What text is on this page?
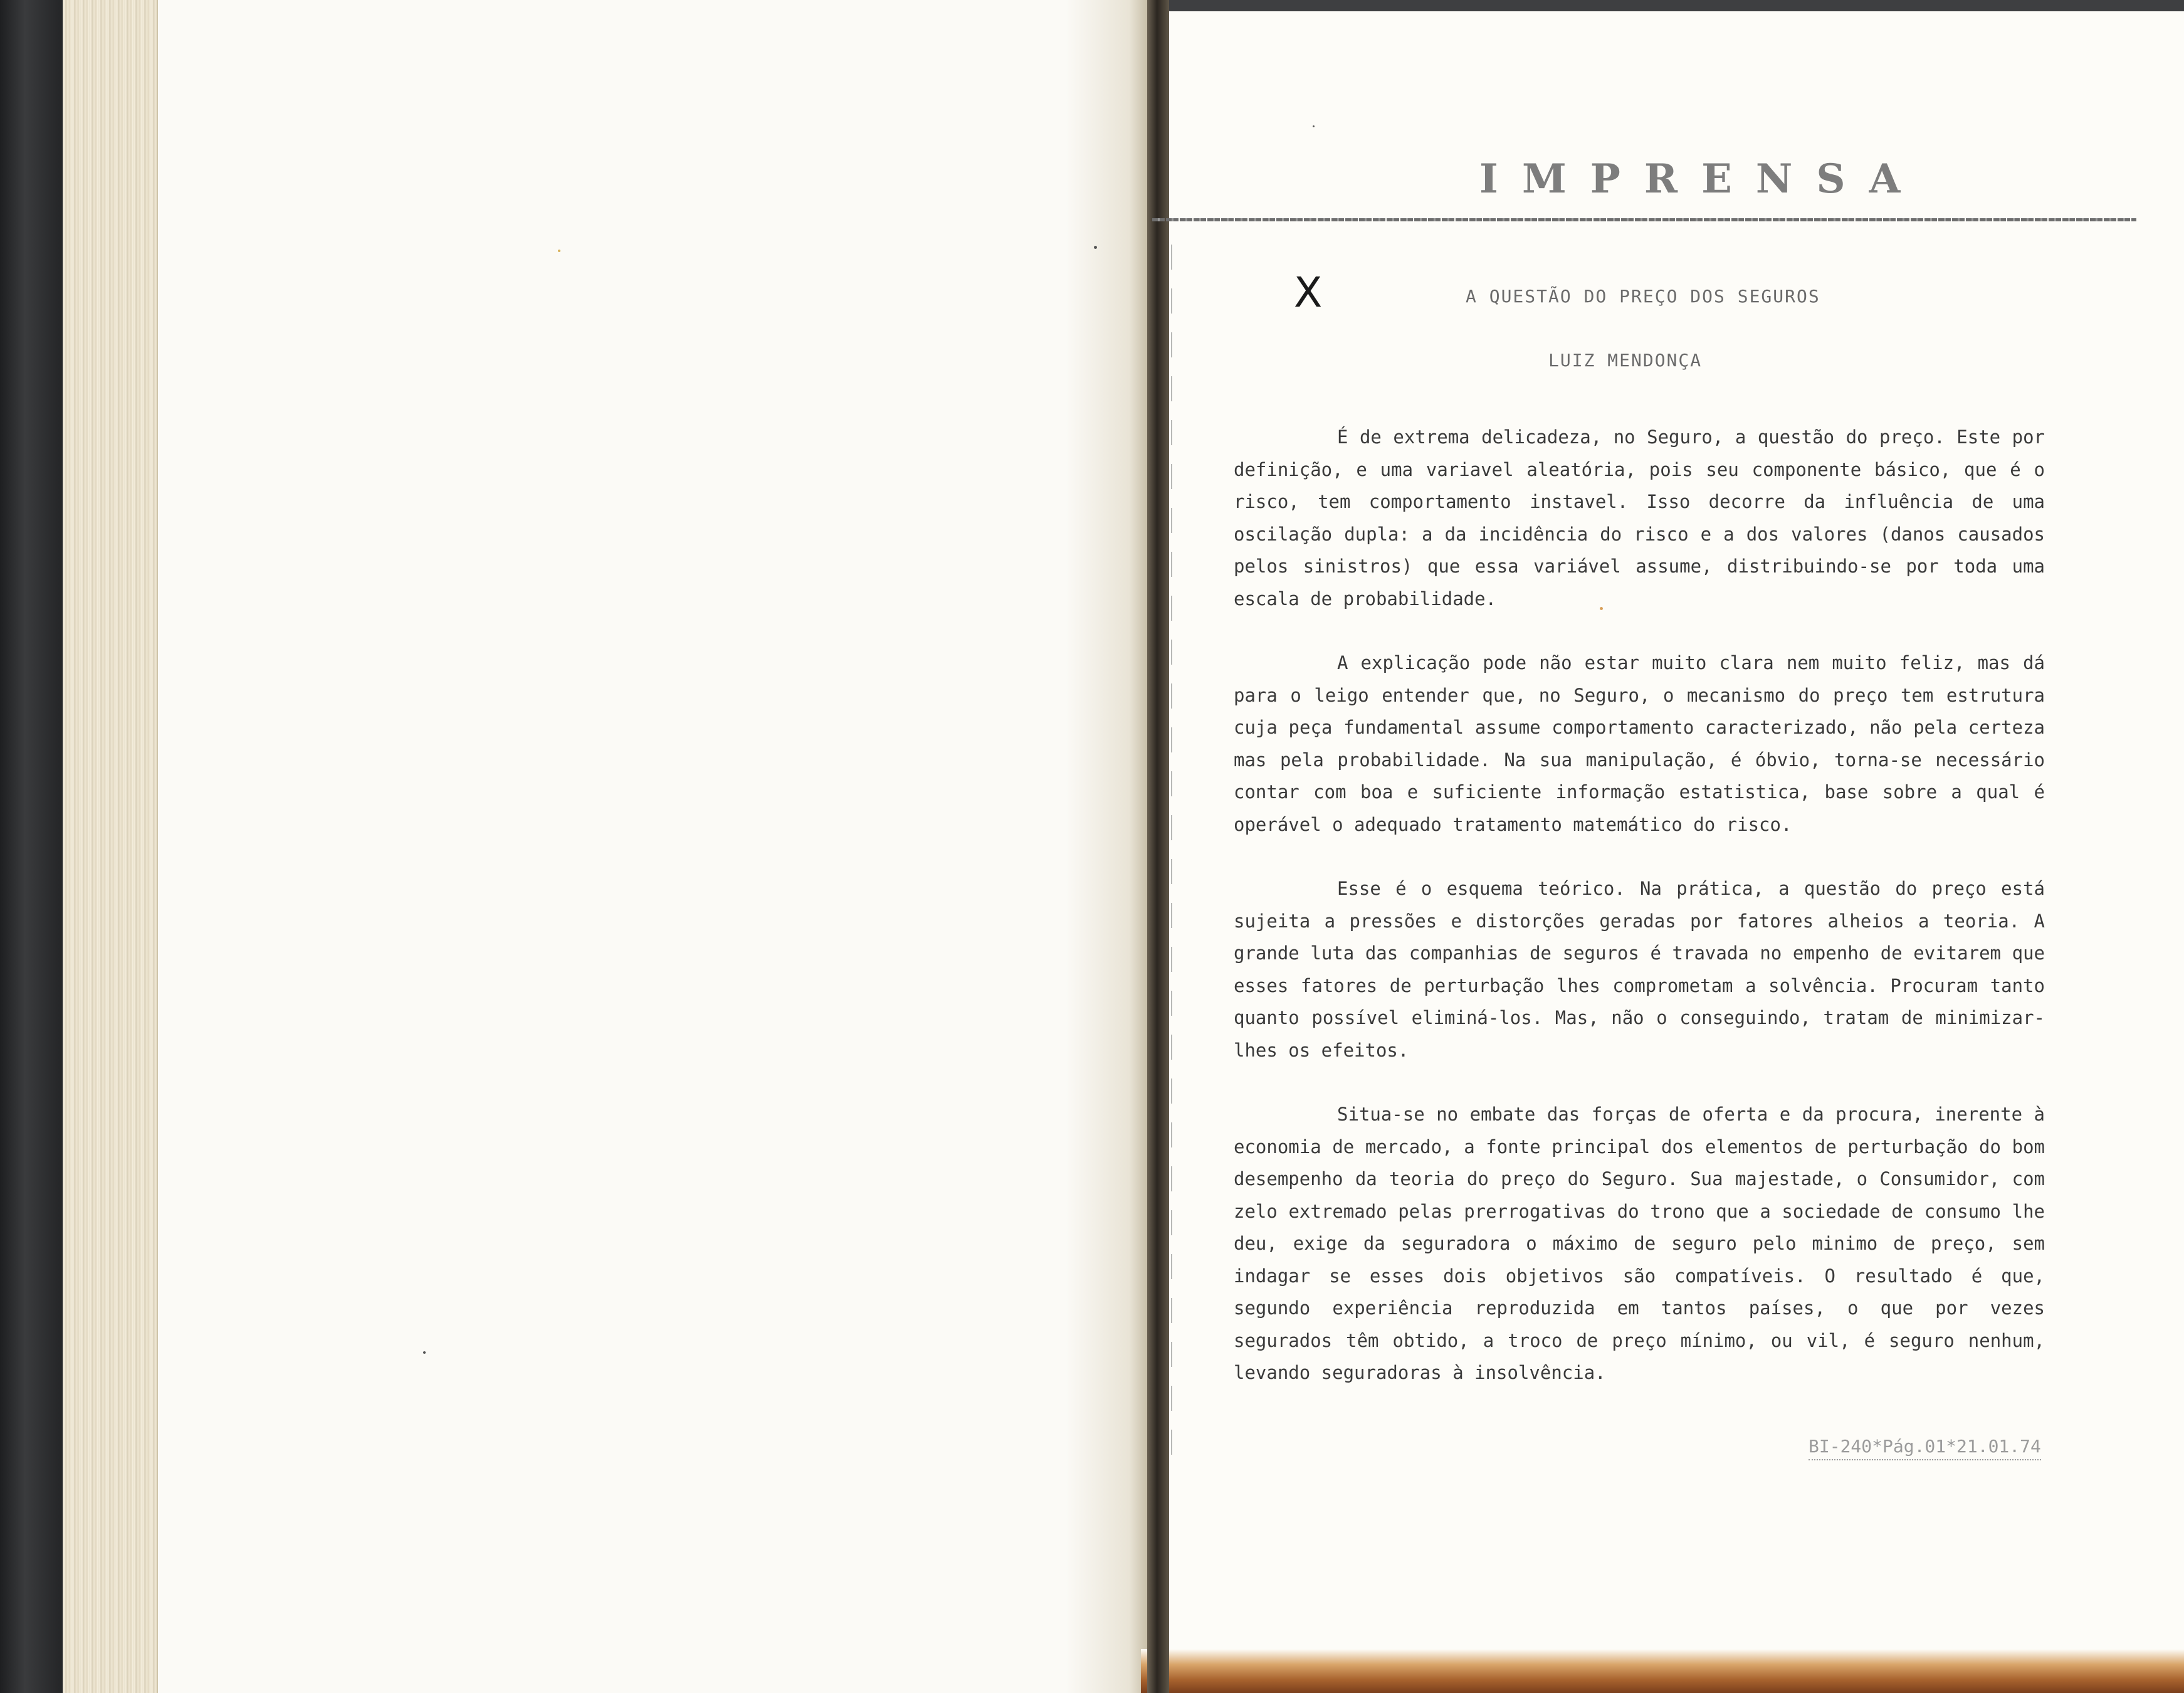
IMPRENSA
X	A QUESTÃO DO PREÇO DOS SEGUROS
LUIZ MENDONÇA

É de extrema delicadeza, no Seguro, a questão do preço. Este por definição, e uma variavel aleatória, pois seu componente básico, que é o risco, tem comportamento instavel. Isso decorre da influência de uma oscilação dupla: a da incidência do risco e a dos valores (danos causados pelos sinistros) que essa variável assume, distribuindo-se por toda uma escala de probabilidade.

A explicação pode não estar muito clara nem muito feliz, mas dá para o leigo entender que, no Seguro, o mecanismo do preço tem estrutura cuja peça fundamental assume comportamento caracterizado, não pela certeza mas pela probabilidade. Na sua manipulação, é óbvio, torna-se necessário contar com boa e suficiente informação estatistica, base sobre a qual é operável o adequado tratamento matemático do risco.

Esse é o esquema teórico. Na prática, a questão do preço está sujeita a pressões e distorções geradas por fatores alheios a teoria. A grande luta das companhias de seguros é travada no empenho de evitarem que esses fatores de perturbação lhes comprometam a solvência. Procuram tanto quanto possível eliminá-los. Mas, não o conseguindo, tratam de minimizar-lhes os efeitos.

Situa-se no embate das forças de oferta e da procura, inerente à economia de mercado, a fonte principal dos elementos de perturbação do bom desempenho da teoria do preço do Seguro. Sua majestade, o Consumidor, com zelo extremado pelas prerrogativas do trono que a sociedade de consumo lhe deu, exige da seguradora o máximo de seguro pelo minimo de preço, sem indagar se esses dois objetivos são compatíveis. O resultado é que, segundo experiência reproduzida em tantos países, o que por vezes segurados têm obtido, a troco de preço mínimo, ou vil, é seguro nenhum, levando seguradoras à insolvência.

BI-240*Pág.01*21.01.74
